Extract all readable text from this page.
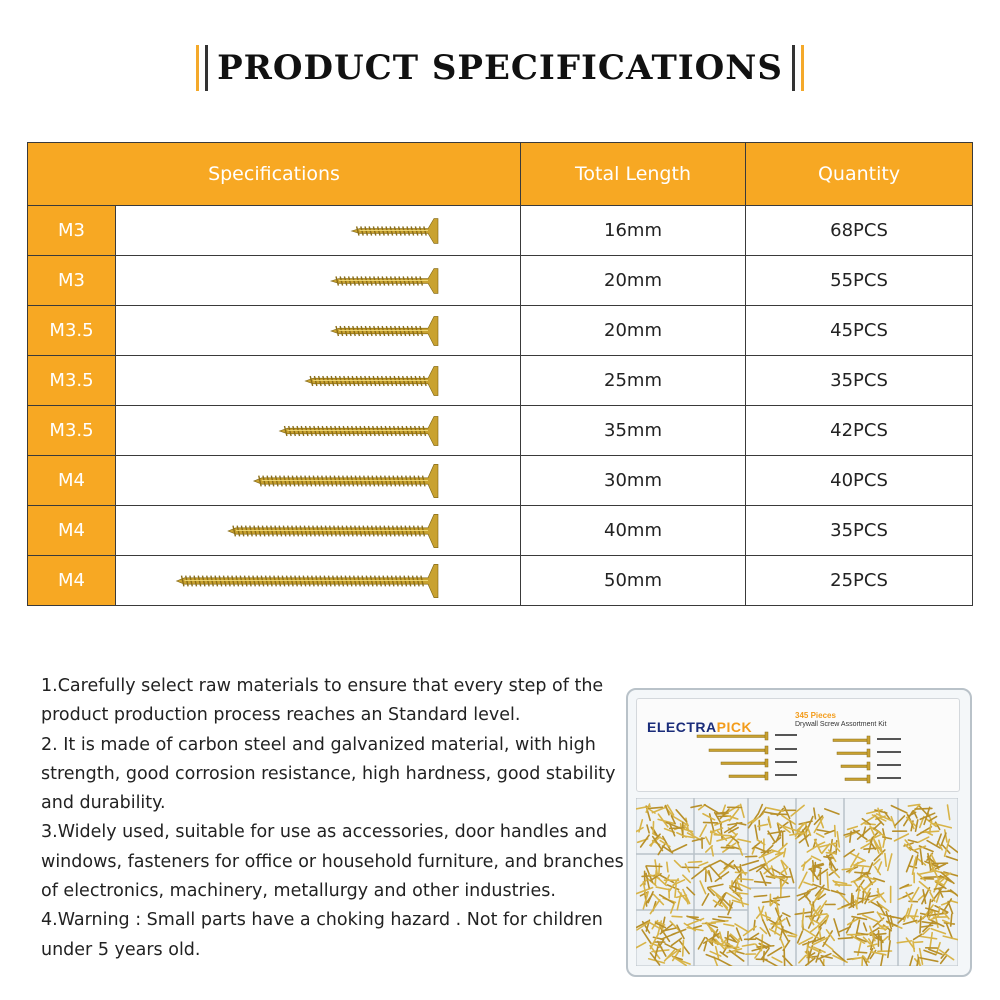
PRODUCT SPECIFICATIONS
Specifications		Total Length	Quantity
M3		16mm	68PCS
M3		20mm	55PCS
M3.5		20mm	45PCS
M3.5		25mm	35PCS
M3.5		35mm	42PCS
M4		30mm	40PCS
M4		40mm	35PCS
M4		50mm	25PCS

1.Carefully select raw materials to ensure that every step of the product production process reaches an Standard level.

2. It is made of carbon steel and galvanized material, with high strength, good corrosion resistance, high hardness, good stability and durability.

3.Widely used, suitable for use as accessories, door handles and windows, fasteners for office or household furniture, and branches of electronics, machinery, metallurgy and other industries.

4.Warning : Small parts have a choking hazard . Not for children under 5 years old.

ELECTRAPICK
345 Pieces
Drywall Screw Assortment Kit
